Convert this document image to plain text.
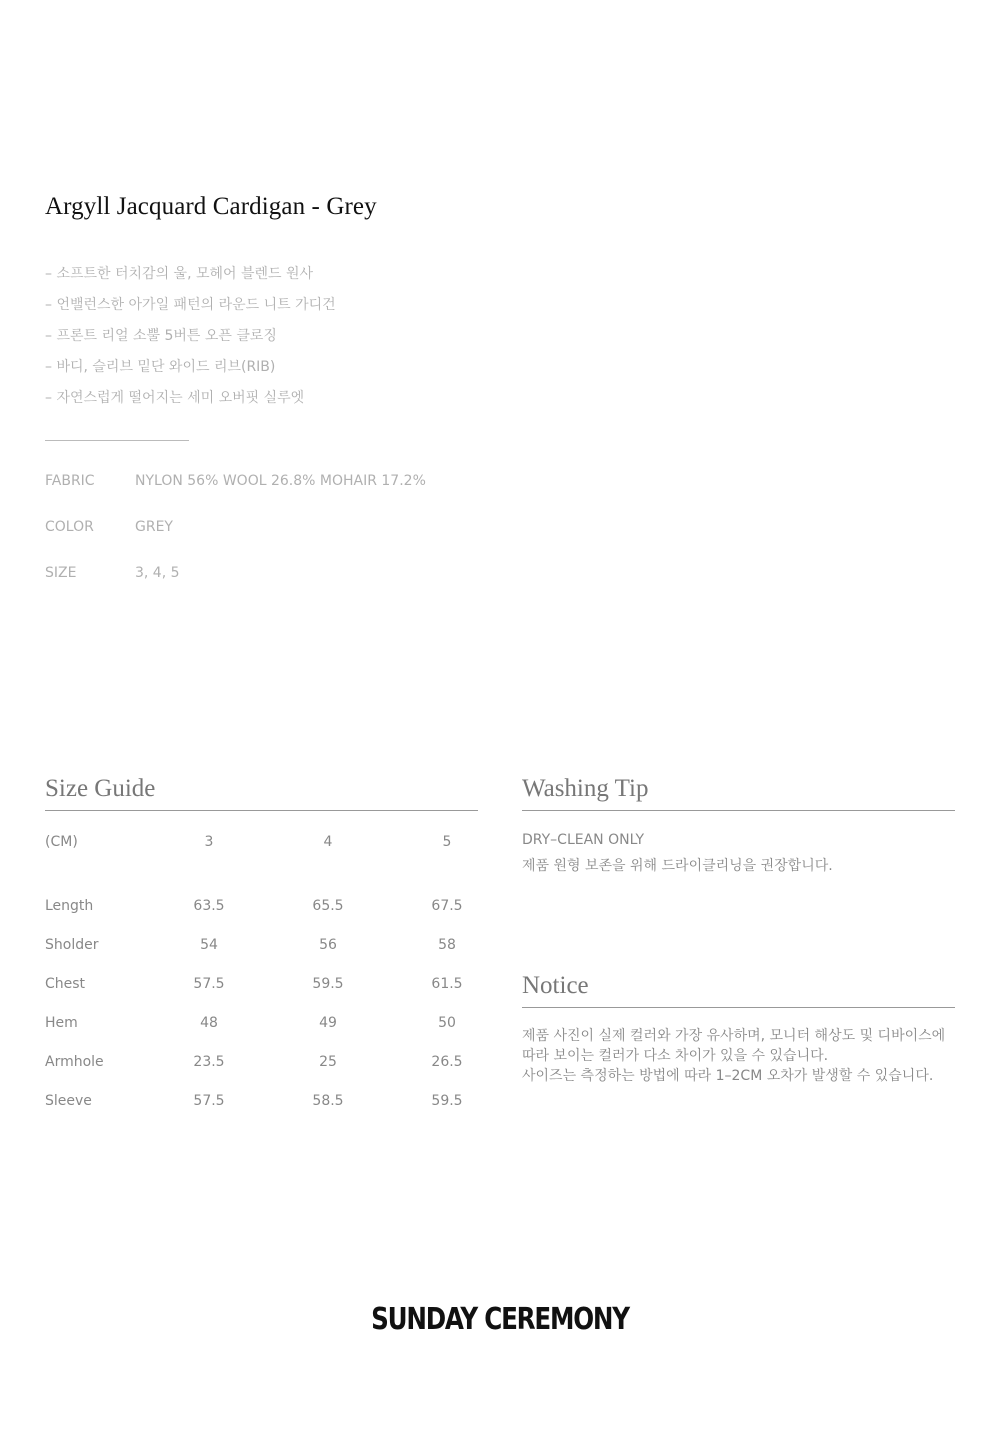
Argyll Jacquard Cardigan - Grey
– 소프트한 터치감의 울, 모헤어 블렌드 원사
– 언밸런스한 아가일 패턴의 라운드 니트 가디건
– 프론트 리얼 소뿔 5버튼 오픈 클로징
– 바디, 슬리브 밑단 와이드 리브(RIB)
– 자연스럽게 떨어지는 세미 오버핏 실루엣
FABRIC	NYLON 56% WOOL 26.8% MOHAIR 17.2%
COLOR	GREY
SIZE	3, 4, 5
Size Guide
(CM)	3	4	5
Length	63.5	65.5	67.5
Sholder	54	56	58
Chest	57.5	59.5	61.5
Hem	48	49	50
Armhole	23.5	25	26.5
Sleeve	57.5	58.5	59.5
Washing Tip
DRY–CLEAN ONLY
제품 원형 보존을 위해 드라이클리닝을 권장합니다.
Notice
제품 사진이 실제 컬러와 가장 유사하며, 모니터 해상도 및 디바이스에
따라 보이는 컬러가 다소 차이가 있을 수 있습니다.
사이즈는 측정하는 방법에 따라 1–2CM 오차가 발생할 수 있습니다.
SUNDAY CEREMONY
